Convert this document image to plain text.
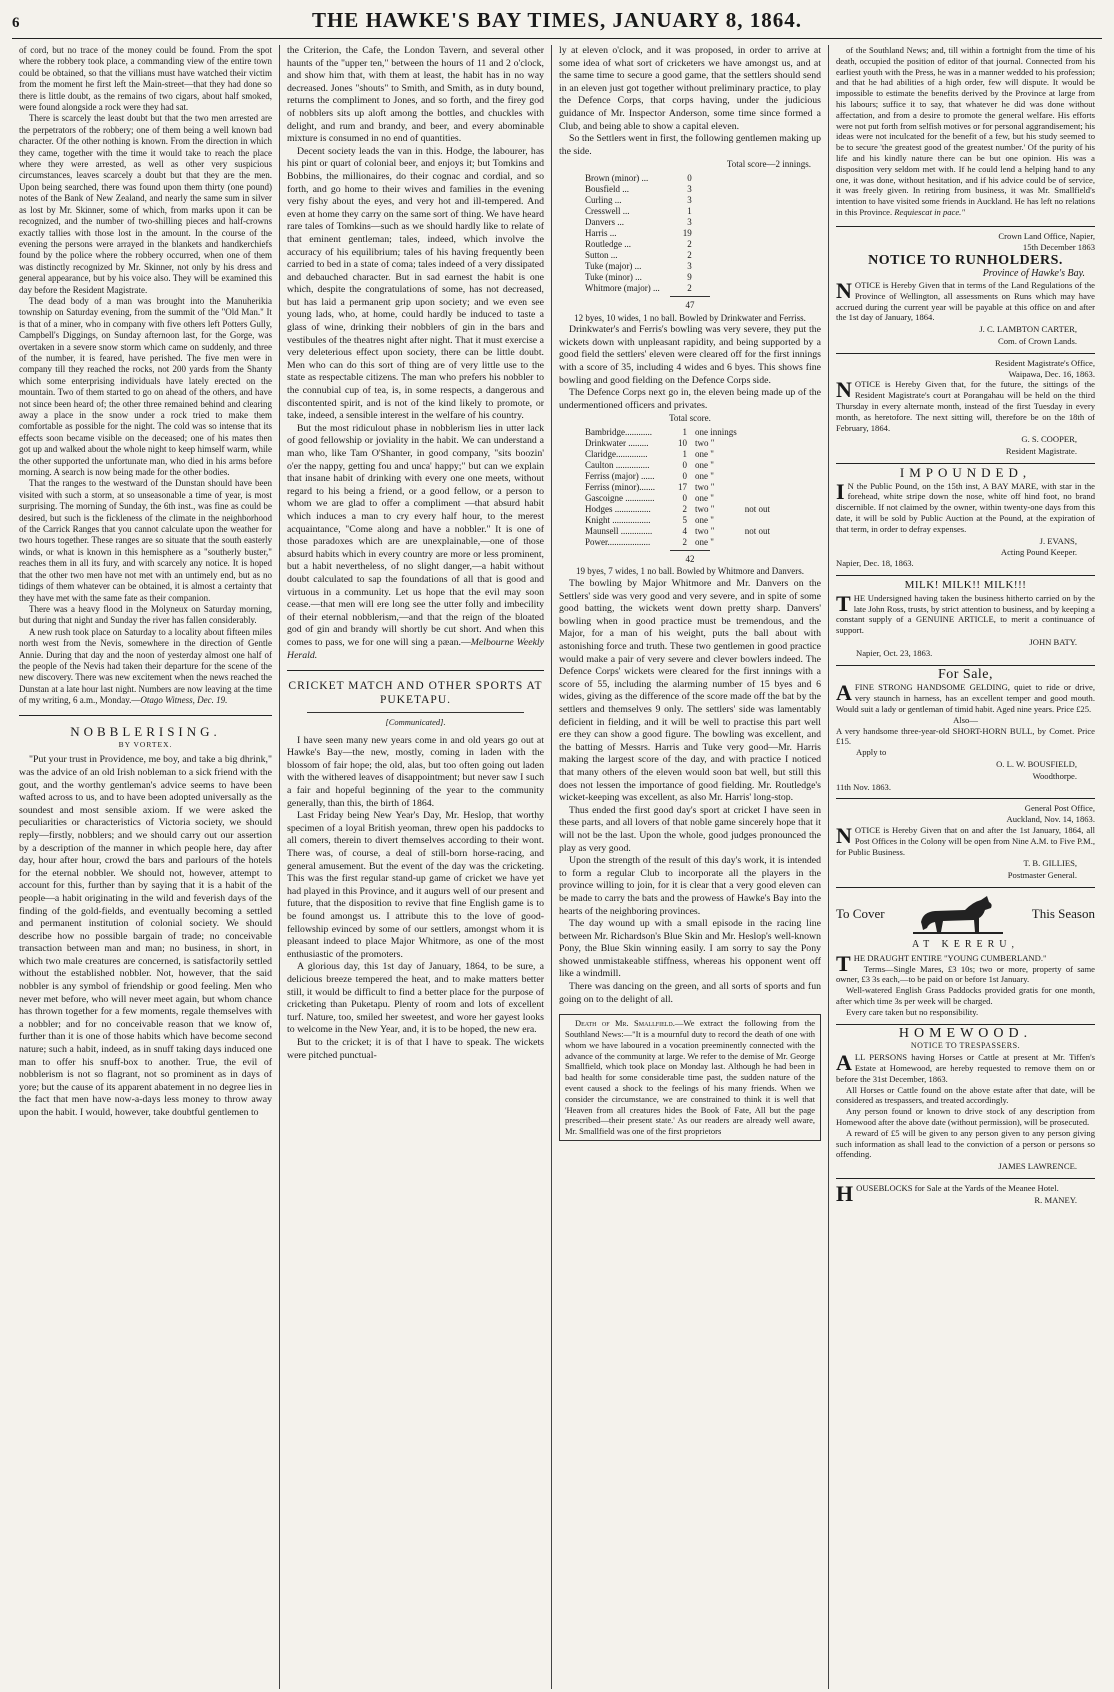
6	THE HAWKE'S BAY TIMES, JANUARY 8, 1864.

of cord, but no trace of the money could be found. From the spot where the robbery took place, a commanding view of the entire town could be obtained, so that the villians must have watched their victim from the moment he first left the Main-street—that they had done so there is little doubt, as the remains of two cigars, about half smoked, were found alongside a rock were they had sat.

There is scarcely the least doubt but that the two men arrested are the perpetrators of the robbery; one of them being a well known bad character. Of the other nothing is known. From the direction in which they came, together with the time it would take to reach the place where they were arrested, as well as other very suspicious circumstances, leaves scarcely a doubt but that they are the men. Upon being searched, there was found upon them thirty (one pound) notes of the Bank of New Zealand, and nearly the same sum in silver as lost by Mr. Skinner, some of which, from marks upon it can be recognized, and the number of two-shilling pieces and half-crowns exactly tallies with those lost in the amount. In the course of the evening the persons were arrayed in the blankets and handkerchiefs found by the police where the robbery occurred, when one of them was distinctly recognized by Mr. Skinner, not only by his dress and general appearance, but by his voice also. They will be examined this day before the Resident Magistrate.

The dead body of a man was brought into the Manuherikia township on Saturday evening, from the summit of the "Old Man." It is that of a miner, who in company with five others left Potters Gully, Campbell's Diggings, on Sunday afternoon last, for the Gorge, was overtaken in a severe snow storm which came on suddenly, and three of the number, it is feared, have perished. The five men were in company till they reached the rocks, not 200 yards from the Shanty which some enterprising individuals have lately erected on the mountain. Two of them started to go on ahead of the others, and have not since been heard of; the other three remained behind and clearing away a place in the snow under a rock tried to make them comfortable as possible for the night. The cold was so intense that its effects soon became visible on the deceased; one of his mates then got up and walked about the whole night to keep himself warm, while the other supported the unfortunate man, who died in his arms before morning. A search is now being made for the other bodies.

That the ranges to the westward of the Dunstan should have been visited with such a storm, at so unseasonable a time of year, is most surprising. The morning of Sunday, the 6th inst., was fine as could be desired, but such is the fickleness of the climate in the neighborhood of the Carrick Ranges that you cannot calculate upon the weather for two hours together. These ranges are so situate that the south easterly winds, or what is known in this hemisphere as a "southerly buster," reaches them in all its fury, and with scarcely any notice. It is hoped that the other two men have not met with an untimely end, but as no tidings of them whatever can be obtained, it is almost a certainty that they have met with the same fate as their companion.

There was a heavy flood in the Molyneux on Saturday morning, but during that night and Sunday the river has fallen considerably.

A new rush took place on Saturday to a locality about fifteen miles north west from the Nevis, somewhere in the direction of Gentle Annie. During that day and the noon of yesterday almost one half of the people of the Nevis had taken their departure for the scene of the new discovery. There was new excitement when the news reached the Dunstan at a late hour last night. Numbers are now leaving at the time of my writing, 6 a.m., Monday.—Otago Witness, Dec. 19.

NOBBLERISING.
BY VORTEX.

"Put your trust in Providence, me boy, and take a big dhrink," was the advice of an old Irish nobleman to a sick friend with the gout, and the worthy gentleman's advice seems to have been wafted across to us, and to have been adopted universally as the soundest and most sensible axiom. If we were asked the peculiarities or characteristics of Victoria society, we should reply—firstly, nobblers; and we should carry out our assertion by a description of the manner in which people here, day after day, hour after hour, crowd the bars and parlours of the hotels for the eternal nobbler. We should not, however, attempt to account for this, further than by saying that it is a habit of the people—a habit originating in the wild and feverish days of the finding of the gold-fields, and eventually becoming a settled and permanent institution of colonial society. We should describe how no possible bargain of trade; no conceivable transaction between man and man; no business, in short, in which two male creatures are concerned, is satisfactorily settled without the established nobbler. Not, however, that the said nobbler is any symbol of friendship or good feeling. Men who never met before, who will never meet again, but whom chance has thrown together for a few moments, regale themselves with a nobbler; and for no conceivable reason that we know of, further than it is one of those habits which have become second nature; such a habit, indeed, as in snuff taking days induced one man to offer his snuff-box to another. True, the evil of nobblerism is not so flagrant, not so prominent as in days of yore; but the cause of its apparent abatement in no degree lies in the fact that men have now-a-days less money to throw away upon the habit. I would, however, take doubtful gentlemen to

the Criterion, the Cafe, the London Tavern, and several other haunts of the "upper ten," between the hours of 11 and 2 o'clock, and show him that, with them at least, the habit has in no way decreased. Jones "shouts" to Smith, and Smith, as in duty bound, returns the compliment to Jones, and so forth, and the firey god of nobblers sits up aloft among the bottles, and chuckles with delight, and rum and brandy, and beer, and every abominable mixture is consumed in no end of quantities.

Decent society leads the van in this. Hodge, the labourer, has his pint or quart of colonial beer, and enjoys it; but Tomkins and Bobbins, the millionaires, do their cognac and cordial, and so forth, and go home to their wives and families in the evening very fishy about the eyes, and very hot and ill-tempered. And even at home they carry on the same sort of thing. We have heard rare tales of Tomkins—such as we should hardly like to relate of that eminent gentleman; tales, indeed, which involve the accuracy of his equilibrium; tales of his having frequently been carried to bed in a state of coma; tales indeed of a very dissipated and debauched character. But in sad earnest the habit is one which, despite the congratulations of some, has not decreased, but has laid a permanent grip upon society; and we even see young lads, who, at home, could hardly be induced to taste a glass of wine, drinking their nobblers of gin in the bars and vestibules of the theatres night after night. That it must exercise a very deleterious effect upon society, there can be little doubt. Men who can do this sort of thing are of very little use to the state as respectable citizens. The man who prefers his nobbler to the connubial cup of tea, is, in some respects, a dangerous and discontented spirit, and is not of the kind likely to promote, or take, indeed, a sensible interest in the welfare of his country.

But the most ridiculout phase in nobblerism lies in utter lack of good fellowship or joviality in the habit. We can understand a man who, like Tam O'Shanter, in good company, "sits boozin' o'er the nappy, getting fou and unca' happy;" but can we explain that insane habit of drinking with every one one meets, without regard to his being a friend, or a good fellow, or a person to whom we are glad to offer a compliment —that absurd habit which induces a man to cry every half hour, to the merest acquaintance, "Come along and have a nobbler." It is one of those paradoxes which are are unexplainable,—one of those absurd habits which in every country are more or less prominent, but a habit nevertheless, of no slight danger,—a habit without doubt calculated to sap the foundations of all that is good and virtuous in a community. Let us hope that the evil may soon cease.—that men will ere long see the utter folly and imbecility of their eternal nobblerism,—and that the reign of the bloated god of gin and brandy will shortly be cut short. And when this comes to pass, we for one will sing a pæan.—Melbourne Weekly Herald.

CRICKET MATCH AND OTHER SPORTS AT PUKETAPU.
[Communicated].

I have seen many new years come in and old years go out at Hawke's Bay—the new, mostly, coming in laden with the blossom of fair hope; the old, alas, but too often going out laden with the withered leaves of disappointment; but never saw I such a fair and hopeful beginning of the year to the community generally, than this, the birth of 1864.

Last Friday being New Year's Day, Mr. Heslop, that worthy specimen of a loyal British yeoman, threw open his paddocks to all comers, therein to divert themselves according to their wont. There was, of course, a deal of still-born horse-racing, and general amusement. But the event of the day was the cricketing. This was the first regular stand-up game of cricket we have yet had played in this Province, and it augurs well of our present and future, that the disposition to revive that fine English game is to be found amongst us. I attribute this to the love of good-fellowship evinced by some of our settlers, amongst whom it is pleasant indeed to place Major Whitmore, as one of the most enthusiastic of the promoters.

A glorious day, this 1st day of January, 1864, to be sure, a delicious breeze tempered the heat, and to make matters better still, it would be difficult to find a better place for the purpose of cricketing than Puketapu. Plenty of room and lots of excellent turf. Nature, too, smiled her sweetest, and wore her gayest looks to welcome in the New Year, and, it is to be hoped, the new era.

But to the cricket; it is of that I have to speak. The wickets were pitched punctual-

ly at eleven o'clock, and it was proposed, in order to arrive at some idea of what sort of cricketers we have amongst us, and at the same time to secure a good game, that the settlers should send in an eleven just got together without preliminary practice, to play the Defence Corps, that corps having, under the judicious guidance of Mr. Inspector Anderson, some time since formed a Club, and being able to show a capital eleven.

So the Settlers went in first, the following gentlemen making up the side.

Total score—2 innings.
Brown (minor) ...	0
Bousfield ...	3
Curling ...	3
Cresswell ...	1
Danvers ...	3
Harris ...	19
Routledge ...	2
Sutton ...	2
Tuke (major) ...	3
Tuke (minor) ...	9
Whitmore (major) ...	2
47
12 byes, 10 wides, 1 no ball. Bowled by Drinkwater and Ferriss.

Drinkwater's and Ferris's bowling was very severe, they put the wickets down with unpleasant rapidity, and being supported by a good field the settlers' eleven were cleared off for the first innings with a score of 35, including 4 wides and 6 byes. This shows fine bowling and good fielding on the Defence Corps side.

The Defence Corps next go in, the eleven being made up of the undermentioned officers and privates.

Total score.
Bambridge............	1	one innings	
Drinkwater .........	10	two "	
Claridge..............	1	one "	
Caulton ...............	0	one "	
Ferriss (major) ......	0	one "	
Ferriss (minor).......	17	two "	
Gascoigne .............	0	one "	
Hodges ................	2	two "	not out
Knight .................	5	one "	
Maunsell ..............	4	two "	not out
Power...................	2	one "	
42
19 byes, 7 wides, 1 no ball. Bowled by Whitmore and Danvers.

The bowling by Major Whitmore and Mr. Danvers on the Settlers' side was very good and very severe, and in spite of some good batting, the wickets went down pretty sharp. Danvers' bowling when in good practice must be tremendous, and the Major, for a man of his weight, puts the ball about with astonishing force and truth. These two gentlemen in good practice would make a pair of very severe and clever bowlers indeed. The Defence Corps' wickets were cleared for the first innings with a score of 55, including the alarming number of 15 byes and 6 wides, giving as the difference of the score made off the bat by the settlers and themselves 9 only. The settlers' side was lamentably deficient in fielding, and it will be well to practise this part well ere they can show a good figure. The bowling was excellent, and the batting of Messrs. Harris and Tuke very good—Mr. Harris making the largest score of the day, and with practice I noticed that many others of the eleven would soon bat well, but still this does not lessen the importance of good fielding. Mr. Routledge's wicket-keeping was excellent, as also Mr. Harris' long-stop.

Thus ended the first good day's sport at cricket I have seen in these parts, and all lovers of that noble game sincerely hope that it will not be the last. Upon the whole, good judges pronounced the play as very good.

Upon the strength of the result of this day's work, it is intended to form a regular Club to incorporate all the players in the province willing to join, for it is clear that a very good eleven can be made to carry the bats and the prowess of Hawke's Bay into the hearts of the neighboring provinces.

The day wound up with a small episode in the racing line between Mr. Richardson's Blue Skin and Mr. Heslop's well-known Pony, the Blue Skin winning easily. I am sorry to say the Pony showed unmistakeable stiffness, whereas his opponent went off like a windmill.

There was dancing on the green, and all sorts of sports and fun going on to the delight of all.

Death of Mr. Smallfield.—We extract the following from the Southland News:—"It is a mournful duty to record the death of one with whom we have laboured in a vocation preeminently connected with the advance of the community at large. We refer to the demise of Mr. George Smallfield, which took place on Monday last. Although he had been in bad health for some considerable time past, the sudden nature of the event caused a shock to the feelings of his many friends. When we consider the circumstance, we are constrained to think it is well that 'Heaven from all creatures hides the Book of Fate, All but the page prescribed—their present state.' As our readers are already well aware, Mr. Smallfield was one of the first proprietors

of the Southland News; and, till within a fortnight from the time of his death, occupied the position of editor of that journal. Connected from his earliest youth with the Press, he was in a manner wedded to his profession; and that he had abilities of a high order, few will dispute. It would be impossible to estimate the benefits derived by the Province at large from his labours; suffice it to say, that whatever he did was done without affectation, and from a desire to promote the general welfare. His efforts were not put forth from selfish motives or for personal aggrandisement; his ideas were not inculcated for the benefit of a few, but his study seemed to be to secure 'the greatest good of the greatest number.' Of the purity of his life and his kindly nature there can be but one opinion. His was a disposition very seldom met with. If he could lend a helping hand to any one, it was done, without hesitation, and if his advice could be of service, it was freely given. In retiring from business, it was Mr. Smallfield's intention to have visited some friends in Auckland. He has left no relations in this Province. Requiescat in pace."

Crown Land Office, Napier,
15th December 1863
NOTICE TO RUNHOLDERS.
Province of Hawke's Bay.

NOTICE is Hereby Given that in terms of the Land Regulations of the Province of Wellington, all assessments on Runs which may have accrued during the current year will be payable at this office on and after the 1st day of January, 1864.

J. C. LAMBTON CARTER,
Com. of Crown Lands.
Resident Magistrate's Office,
Waipawa, Dec. 16, 1863.

NOTICE is Hereby Given that, for the future, the sittings of the Resident Magistrate's court at Porangahau will be held on the third Thursday in every alternate month, instead of the first Tuesday in every month, as heretofore. The next sitting will, therefore be on the 18th of February, 1864.

G. S. COOPER,
Resident Magistrate.
IMPOUNDED,

I N the Public Pound, on the 15th inst, A BAY MARE, with star in the forehead, white stripe down the nose, white off hind foot, no brand discernible. If not claimed by the owner, within twenty-one days from this date, it will be sold by Public Auction at the Pound, at the expiration of that term, in order to defray expenses.

J. EVANS,
Acting Pound Keeper.
Napier, Dec. 18, 1863.
MILK! MILK!! MILK!!!

THE Undersigned having taken the business hitherto carried on by the late John Ross, trusts, by strict attention to business, and by keeping a constant supply of a GENUINE ARTICLE, to merit a continuance of support.

JOHN BATY.
Napier, Oct. 23, 1863.
For Sale,

AFINE STRONG HANDSOME GELDING, quiet to ride or drive, very staunch in harness, has an excellent temper and good mouth. Would suit a lady or gentleman of timid habit. Aged nine years. Price £25.

Also—

A very handsome three-year-old SHORT-HORN BULL, by Comet. Price £15.

Apply to
O. L. W. BOUSFIELD,
Woodthorpe.
11th Nov. 1863.
General Post Office,
Auckland, Nov. 14, 1863.

NOTICE is Hereby Given that on and after the 1st January, 1864, all Post Offices in the Colony will be open from Nine A.M. to Five P.M., for Public Business.

T. B. GILLIES,
Postmaster General.
To Cover	This Season
AT KERERU,

THE DRAUGHT ENTIRE "YOUNG CUMBERLAND."

Terms—Single Mares, £3 10s; two or more, property of same owner, £3 3s each,—to be paid on or before 1st January.

Well-watered English Grass Paddocks provided gratis for one month, after which time 3s per week will be charged.

Every care taken but no responsibility.

HOMEWOOD.
NOTICE TO TRESPASSERS.

ALL PERSONS having Horses or Cattle at present at Mr. Tiffen's Estate at Homewood, are hereby requested to remove them on or before the 31st December, 1863.

All Horses or Cattle found on the above estate after that date, will be considered as trespassers, and treated accordingly.

Any person found or known to drive stock of any description from Homewood after the above date (without permission), will be prosecuted.

A reward of £5 will be given to any person given to any person giving such information as shall lead to the conviction of a person or persons so offending.

JAMES LAWRENCE.

HOUSEBLOCKS for Sale at the Yards of the Meanee Hotel.

R. MANEY.
